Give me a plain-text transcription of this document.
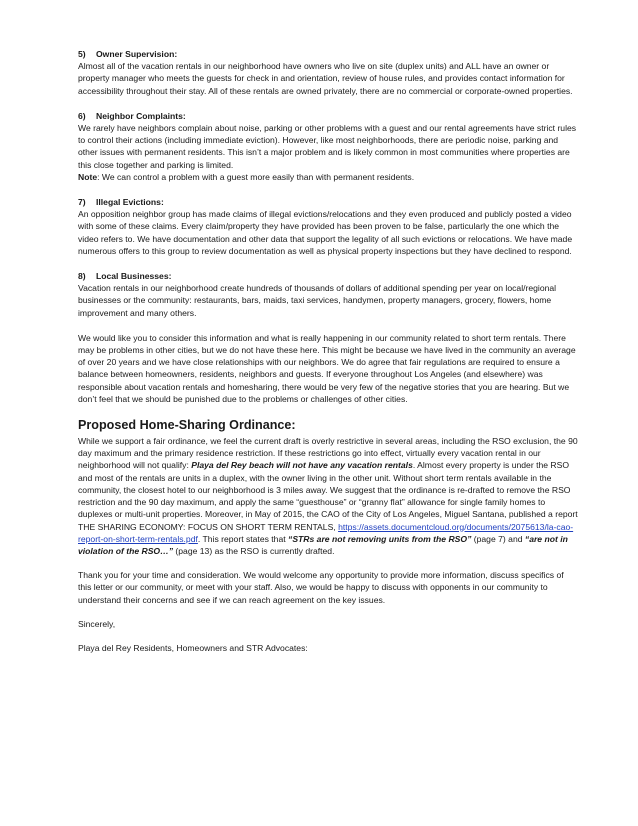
5) Owner Supervision:
Almost all of the vacation rentals in our neighborhood have owners who live on site (duplex units) and ALL have an owner or property manager who meets the guests for check in and orientation, review of house rules, and provides contact information for accessibility throughout their stay. All of these rentals are owned privately, there are no commercial or corporate-owned properties.
6) Neighbor Complaints:
We rarely have neighbors complain about noise, parking or other problems with a guest and our rental agreements have strict rules to control their actions (including immediate eviction). However, like most neighborhoods, there are periodic noise, parking and other issues with permanent residents. This isn’t a major problem and is likely common in most communities where properties are this close together and parking is limited.
Note: We can control a problem with a guest more easily than with permanent residents.
7) Illegal Evictions:
An opposition neighbor group has made claims of illegal evictions/relocations and they even produced and publicly posted a video with some of these claims. Every claim/property they have provided has been proven to be false, particularly the one which the video refers to. We have documentation and other data that support the legality of all such evictions or relocations. We have made numerous offers to this group to review documentation as well as physical property inspections but they have declined to respond.
8) Local Businesses:
Vacation rentals in our neighborhood create hundreds of thousands of dollars of additional spending per year on local/regional businesses or the community: restaurants, bars, maids, taxi services, handymen, property managers, grocery, flowers, home improvement and many others.

We would like you to consider this information and what is really happening in our community related to short term rentals. There may be problems in other cities, but we do not have these here. This might be because we have lived in the community an average of over 20 years and we have close relationships with our neighbors. We do agree that fair regulations are required to ensure a balance between homeowners, residents, neighbors and guests. If everyone throughout Los Angeles (and elsewhere) was responsible about vacation rentals and homesharing, there would be very few of the negative stories that you are hearing. But we don’t feel that we should be punished due to the problems or challenges of other cities.

Proposed Home-Sharing Ordinance:

While we support a fair ordinance, we feel the current draft is overly restrictive in several areas, including the RSO exclusion, the 90 day maximum and the primary residence restriction. If these restrictions go into effect, virtually every vacation rental in our neighborhood will not qualify: Playa del Rey beach will not have any vacation rentals. Almost every property is under the RSO and most of the rentals are units in a duplex, with the owner living in the other unit. Without short term rentals available in the community, the closest hotel to our neighborhood is 3 miles away. We suggest that the ordinance is re-drafted to remove the RSO restriction and the 90 day maximum, and apply the same “guesthouse” or “granny flat” allowance for single family homes to duplexes or multi-unit properties. Moreover, in May of 2015, the CAO of the City of Los Angeles, Miguel Santana, published a report THE SHARING ECONOMY: FOCUS ON SHORT TERM RENTALS, https://assets.documentcloud.org/documents/2075613/la-cao-report-on-short-term-rentals.pdf. This report states that “STRs are not removing units from the RSO” (page 7) and “are not in violation of the RSO…” (page 13) as the RSO is currently drafted.

Thank you for your time and consideration. We would welcome any opportunity to provide more information, discuss specifics of this letter or our community, or meet with your staff. Also, we would be happy to discuss with opponents in our community to understand their concerns and see if we can reach agreement on the key issues.

Sincerely,

Playa del Rey Residents, Homeowners and STR Advocates:
